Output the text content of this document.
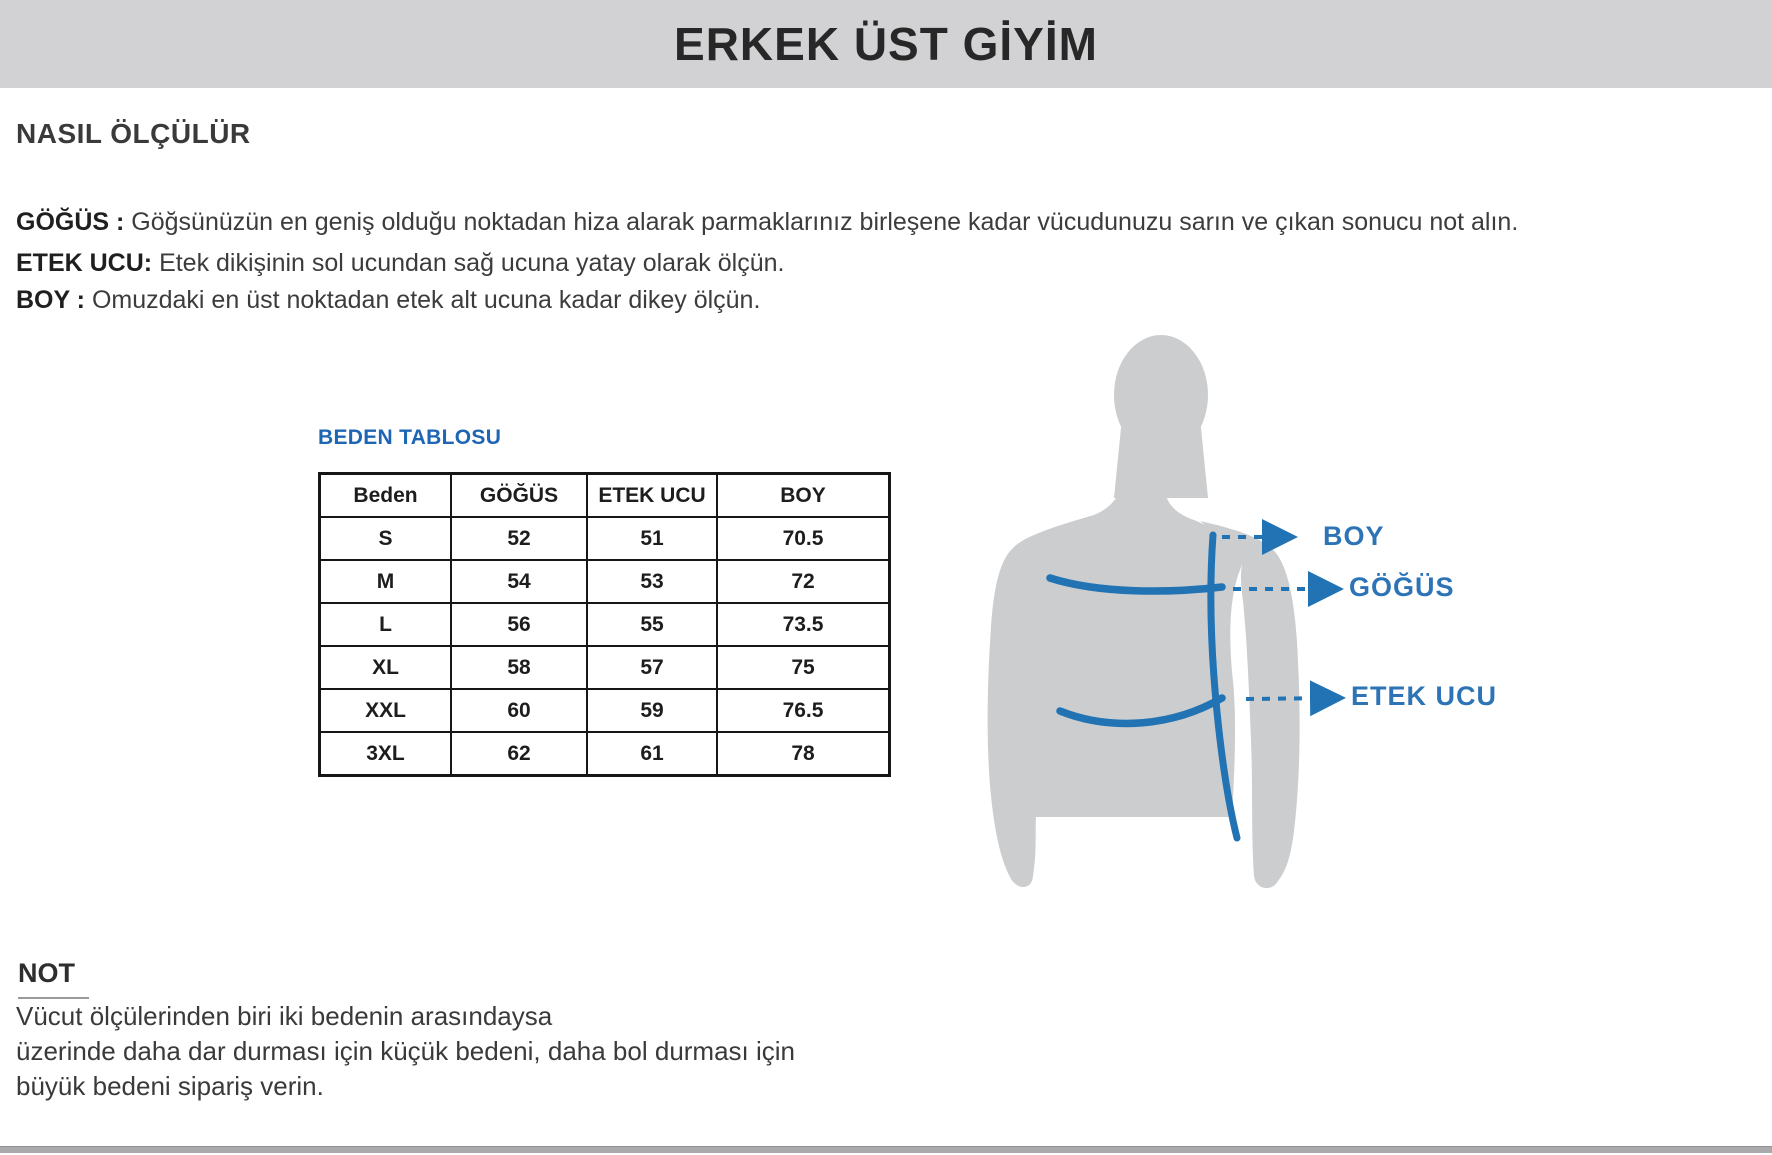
ERKEK ÜST GİYİM
NASIL ÖLÇÜLÜR

GÖĞÜS : Göğsünüzün en geniş olduğu noktadan hiza alarak parmaklarınız birleşene kadar vücudunuzu sarın ve çıkan sonucu not alın.

ETEK UCU: Etek dikişinin sol ucundan sağ ucuna yatay olarak ölçün.

BOY : Omuzdaki en üst noktadan etek alt ucuna kadar dikey ölçün.

BEDEN TABLOSU
Beden	GÖĞÜS	ETEK UCU	BOY
S	52	51	70.5
M	54	53	72
L	56	55	73.5
XL	58	57	75
XXL	60	59	76.5
3XL	62	61	78
BOY
GÖĞÜS
ETEK UCU
NOT
Vücut ölçülerinden biri iki bedenin arasındaysa
üzerinde daha dar durması için küçük bedeni, daha bol durması için
büyük bedeni sipariş verin.
